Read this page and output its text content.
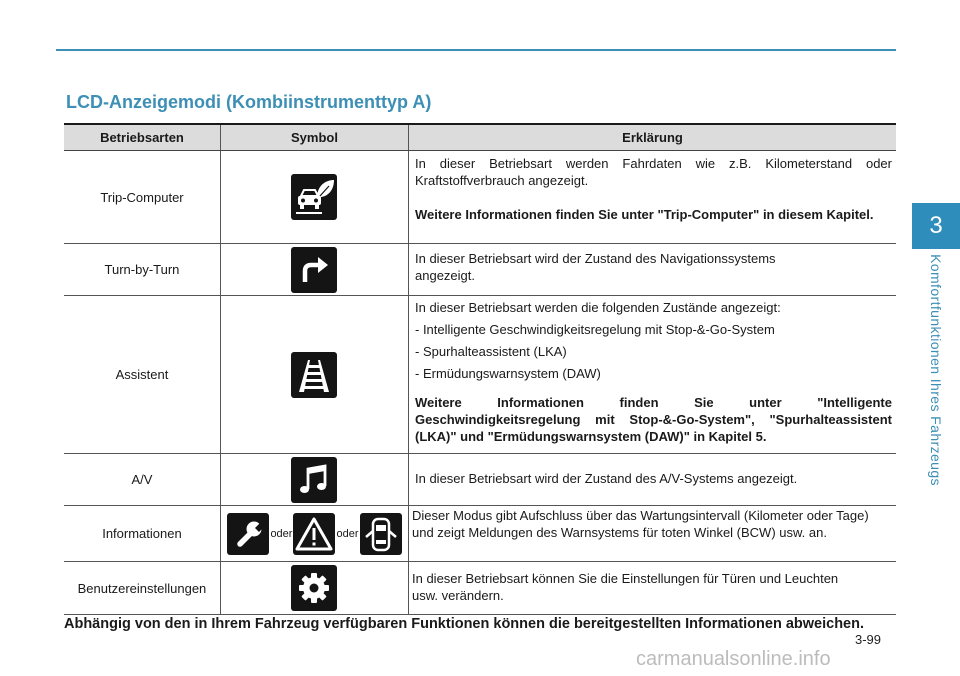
3
Komfortfunktionen Ihres Fahrzeugs
LCD-Anzeigemodi (Kombiinstrumenttyp A)
Betriebsarten	Symbol	Erklärung
Trip-Computer		In dieser Betriebsart werden Fahrdaten wie z.B. Kilometerstand oder Kraftstoffverbrauch angezeigt.

Weitere Informationen finden Sie unter "Trip-Computer" in diesem Kapitel.

Turn-by-Turn		In dieser Betriebsart wird der Zustand des Navigationssystems angezeigt.

Assistent		In dieser Betriebsart werden die folgenden Zustände angezeigt:

- Intelligente Geschwindigkeitsregelung mit Stop-&-Go-System

- Spurhalteassistent (LKA)

- Ermüdungswarnsystem (DAW)

Weitere Informationen finden Sie unter "Intelligente Geschwindigkeitsregelung mit Stop-&-Go-System", "Spurhalteassistent (LKA)" und "Ermüdungswarnsystem (DAW)" in Kapitel 5.

A/V		In dieser Betriebsart wird der Zustand des A/V-Systems angezeigt.

Informationen	oder oder	Dieser Modus gibt Aufschluss über das Wartungsintervall (Kilometer oder Tage) und zeigt Meldungen des Warnsystems für toten Winkel (BCW) usw. an.

Benutzereinstellungen		In dieser Betriebsart können Sie die Einstellungen für Türen und Leuchten usw. verändern.

Abhängig von den in Ihrem Fahrzeug verfügbaren Funktionen können die bereitgestellten Informationen abweichen.
3-99
carmanualsonline.info
